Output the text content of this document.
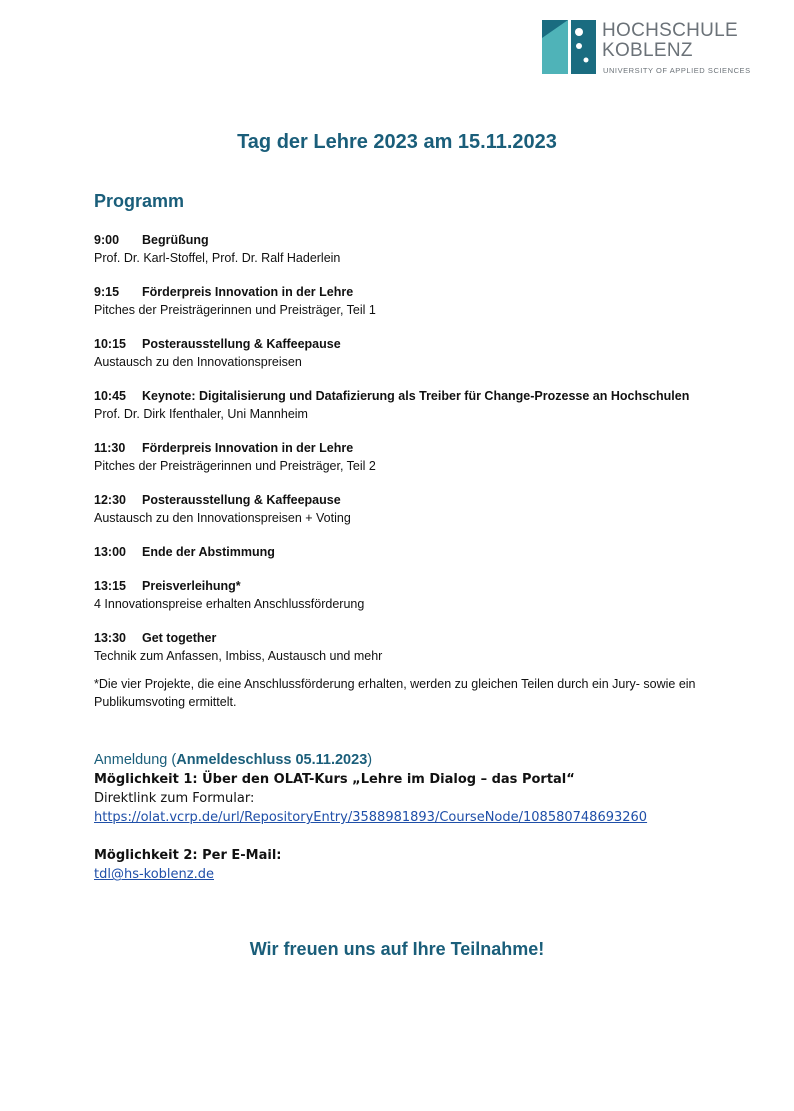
HOCHSCHULE
KOBLENZ
UNIVERSITY OF APPLIED SCIENCES
Tag der Lehre 2023 am 15.11.2023
Programm
9:00 Begrüßung
Prof. Dr. Karl-Stoffel, Prof. Dr. Ralf Haderlein
9:15 Förderpreis Innovation in der Lehre
Pitches der Preisträgerinnen und Preisträger, Teil 1
10:15 Posterausstellung & Kaffeepause
Austausch zu den Innovationspreisen
10:45 Keynote: Digitalisierung und Datafizierung als Treiber für Change-Prozesse an Hochschulen
Prof. Dr. Dirk Ifenthaler, Uni Mannheim
11:30 Förderpreis Innovation in der Lehre
Pitches der Preisträgerinnen und Preisträger, Teil 2
12:30 Posterausstellung & Kaffeepause
Austausch zu den Innovationspreisen + Voting
13:00 Ende der Abstimmung
13:15 Preisverleihung*
4 Innovationspreise erhalten Anschlussförderung
13:30 Get together
Technik zum Anfassen, Imbiss, Austausch und mehr
*Die vier Projekte, die eine Anschlussförderung erhalten, werden zu gleichen Teilen durch ein Jury- sowie ein Publikumsvoting ermittelt.
Anmeldung (Anmeldeschluss 05.11.2023)
Möglichkeit 1: Über den OLAT-Kurs „Lehre im Dialog – das Portal“
Direktlink zum Formular:
https://olat.vcrp.de/url/RepositoryEntry/3588981893/CourseNode/108580748693260
Möglichkeit 2: Per E-Mail:
tdl@hs-koblenz.de
Wir freuen uns auf Ihre Teilnahme!
